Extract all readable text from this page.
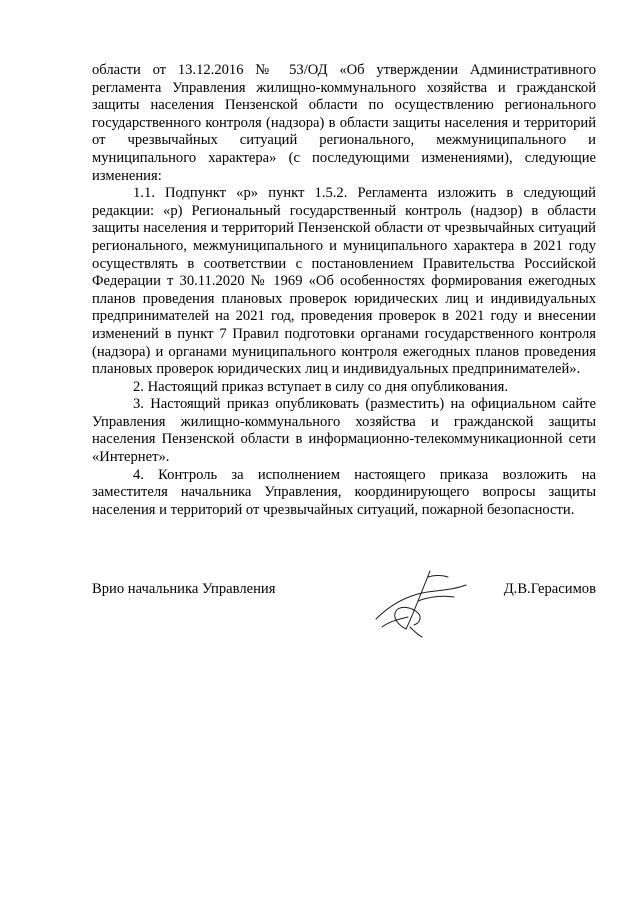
области от 13.12.2016 № 53/ОД «Об утверждении Административного регламента Управления жилищно-коммунального хозяйства и гражданской защиты населения Пензенской области по осуществлению регионального государственного контроля (надзора) в области защиты населения и территорий от чрезвычайных ситуаций регионального, межмуниципального и муниципального характера» (с последующими изменениями), следующие изменения:

1.1. Подпункт «р» пункт 1.5.2. Регламента изложить в следующий редакции: «р) Региональный государственный контроль (надзор) в области защиты населения и территорий Пензенской области от чрезвычайных ситуаций регионального, межмуниципального и муниципального характера в 2021 году осуществлять в соответствии с постановлением Правительства Российской Федерации т 30.11.2020 № 1969 «Об особенностях формирования ежегодных планов проведения плановых проверок юридических лиц и индивидуальных предпринимателей на 2021 год, проведения проверок в 2021 году и внесении изменений в пункт 7 Правил подготовки органами государственного контроля (надзора) и органами муниципального контроля ежегодных планов проведения плановых проверок юридических лиц и индивидуальных предпринимателей».

2. Настоящий приказ вступает в силу со дня опубликования.

3. Настоящий приказ опубликовать (разместить) на официальном сайте Управления жилищно-коммунального хозяйства и гражданской защиты населения Пензенской области в информационно-телекоммуникационной сети «Интернет».

4. Контроль за исполнением настоящего приказа возложить на заместителя начальника Управления, координирующего вопросы защиты населения и территорий от чрезвычайных ситуаций, пожарной безопасности.

Врио начальника Управления	Д.В.Герасимов
